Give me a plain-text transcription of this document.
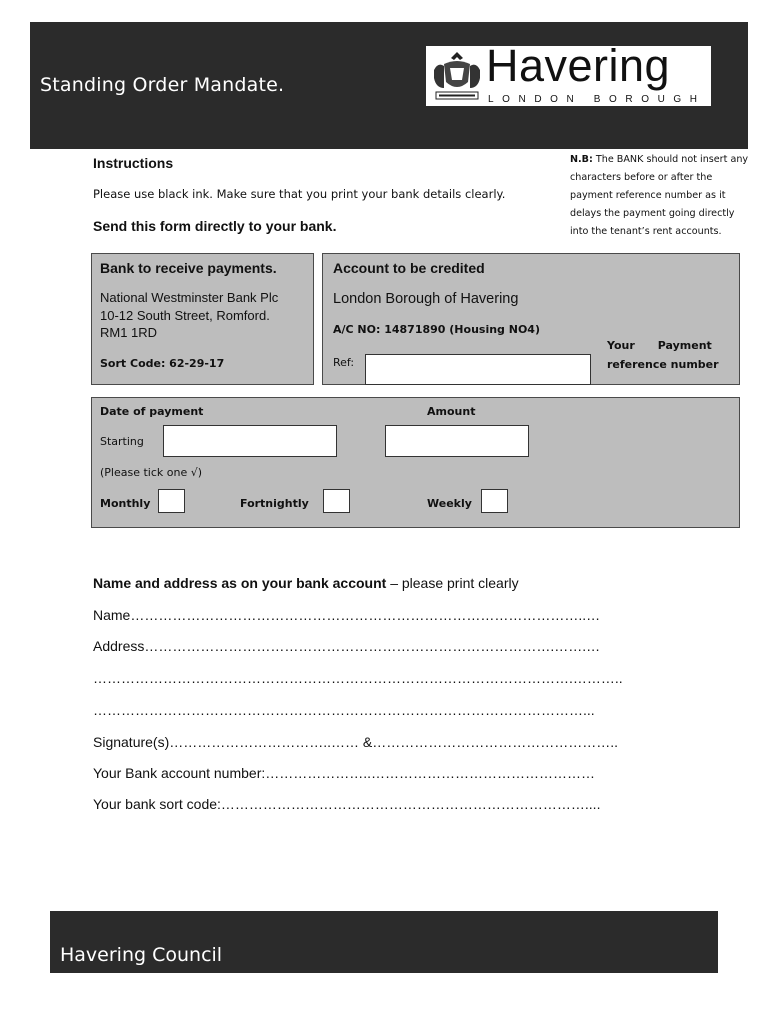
Standing Order Mandate.	Havering
LONDON BOROUGH
Instructions
Please use black ink. Make sure that you print your bank details clearly.
Send this form directly to your bank.
N.B: The BANK should not insert any characters before or after the payment reference number as it delays the payment going directly into the tenant’s rent accounts.
Bank to receive payments.
National Westminster Bank Plc
10-12 South Street, Romford.
RM1 1RD
Sort Code: 62-29-17
Account to be credited
London Borough of Havering
A/C NO: 14871890 (Housing NO4)
Ref:
Your      Payment
reference number
Date of payment	Amount
Starting
(Please tick one √)
Monthly	Fortnightly	Weekly
Name and address as on your bank account – please print clearly
Name……………………………………………………………………………………..…
Address…………………………………………………………………………….…….…
………………………………………………………………………………………….………..
……………………………………………………………………………………………...
Signature(s)……………………………..…… &……………………………………………..
Your Bank account number:…………………..…………………………………………
Your bank sort code:……………………………………………………………………....
Havering Council
